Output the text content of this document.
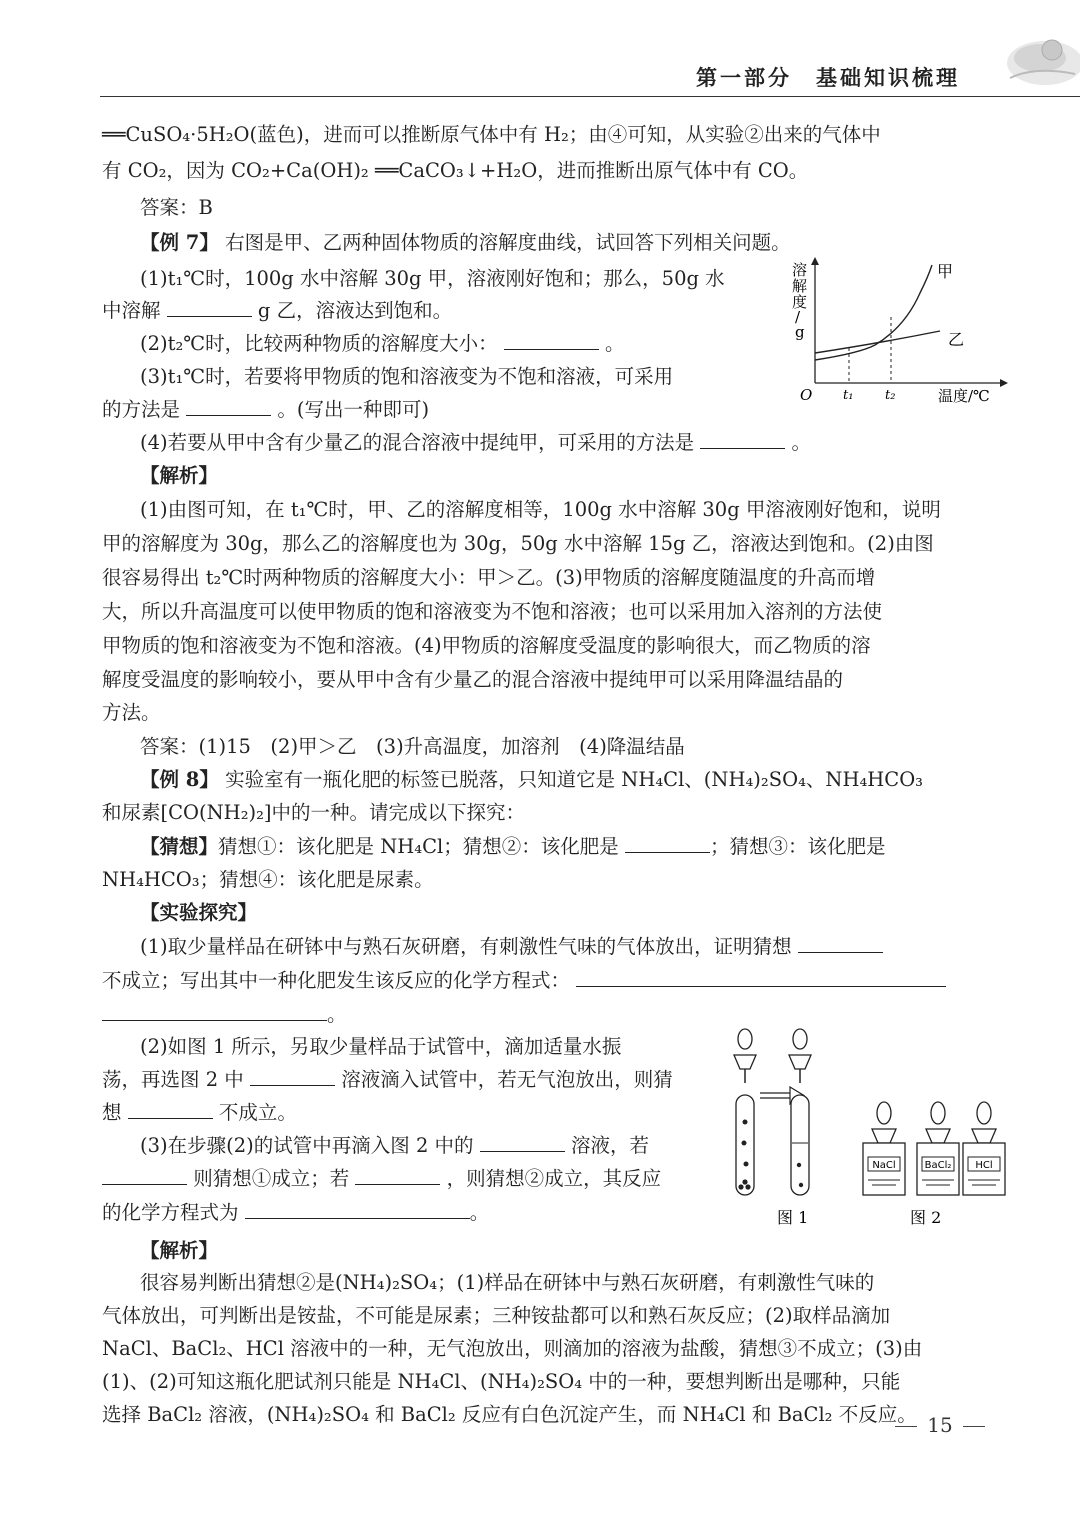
第一部分　基础知识梳理
══CuSO₄·5H₂O(蓝色)，进而可以推断原气体中有 H₂；由④可知，从实验②出来的气体中
有 CO₂，因为 CO₂+Ca(OH)₂ ══CaCO₃↓+H₂O，进而推断出原气体中有 CO。
答案：B
【例 7】 右图是甲、乙两种固体物质的溶解度曲线，试回答下列相关问题。
(1)t₁℃时，100g 水中溶解 30g 甲，溶液刚好饱和；那么，50g 水
中溶解	g 乙，溶液达到饱和。
(2)t₂℃时，比较两种物质的溶解度大小：	。
(3)t₁℃时，若要将甲物质的饱和溶液变为不饱和溶液，可采用
的方法是	。(写出一种即可)
(4)若要从甲中含有少量乙的混合溶液中提纯甲，可采用的方法是	。
溶
解
度
/
g
O t₁ t₂	温度/℃
甲
乙
【解析】
(1)由图可知，在 t₁℃时，甲、乙的溶解度相等，100g 水中溶解 30g 甲溶液刚好饱和，说明
甲的溶解度为 30g，那么乙的溶解度也为 30g，50g 水中溶解 15g 乙，溶液达到饱和。(2)由图
很容易得出 t₂℃时两种物质的溶解度大小：甲＞乙。(3)甲物质的溶解度随温度的升高而增
大，所以升高温度可以使甲物质的饱和溶液变为不饱和溶液；也可以采用加入溶剂的方法使
甲物质的饱和溶液变为不饱和溶液。(4)甲物质的溶解度受温度的影响很大，而乙物质的溶
解度受温度的影响较小，要从甲中含有少量乙的混合溶液中提纯甲可以采用降温结晶的
方法。
答案：(1)15　(2)甲＞乙　(3)升高温度，加溶剂　(4)降温结晶
【例 8】 实验室有一瓶化肥的标签已脱落，只知道它是 NH₄Cl、(NH₄)₂SO₄、NH₄HCO₃
和尿素[CO(NH₂)₂]中的一种。请完成以下探究：
【猜想】猜想①：该化肥是 NH₄Cl；猜想②：该化肥是	；猜想③：该化肥是
NH₄HCO₃；猜想④：该化肥是尿素。
【实验探究】
(1)取少量样品在研钵中与熟石灰研磨，有刺激性气味的气体放出，证明猜想
不成立；写出其中一种化肥发生该反应的化学方程式：
。
(2)如图 1 所示，另取少量样品于试管中，滴加适量水振
荡，再选图 2 中	溶液滴入试管中，若无气泡放出，则猜
想	不成立。
(3)在步骤(2)的试管中再滴入图 2 中的	溶液，若
则猜想①成立；若	，则猜想②成立，其反应
的化学方程式为	。	图 1
NaCl	BaCl₂ HCl
图 2
【解析】
很容易判断出猜想②是(NH₄)₂SO₄；(1)样品在研钵中与熟石灰研磨，有刺激性气味的
气体放出，可判断出是铵盐，不可能是尿素；三种铵盐都可以和熟石灰反应；(2)取样品滴加
NaCl、BaCl₂、HCl 溶液中的一种，无气泡放出，则滴加的溶液为盐酸，猜想③不成立；(3)由
(1)、(2)可知这瓶化肥试剂只能是 NH₄Cl、(NH₄)₂SO₄ 中的一种，要想判断出是哪种，只能
选择 BaCl₂ 溶液，(NH₄)₂SO₄ 和 BaCl₂ 反应有白色沉淀产生，而 NH₄Cl 和 BaCl₂ 不反应。 15
